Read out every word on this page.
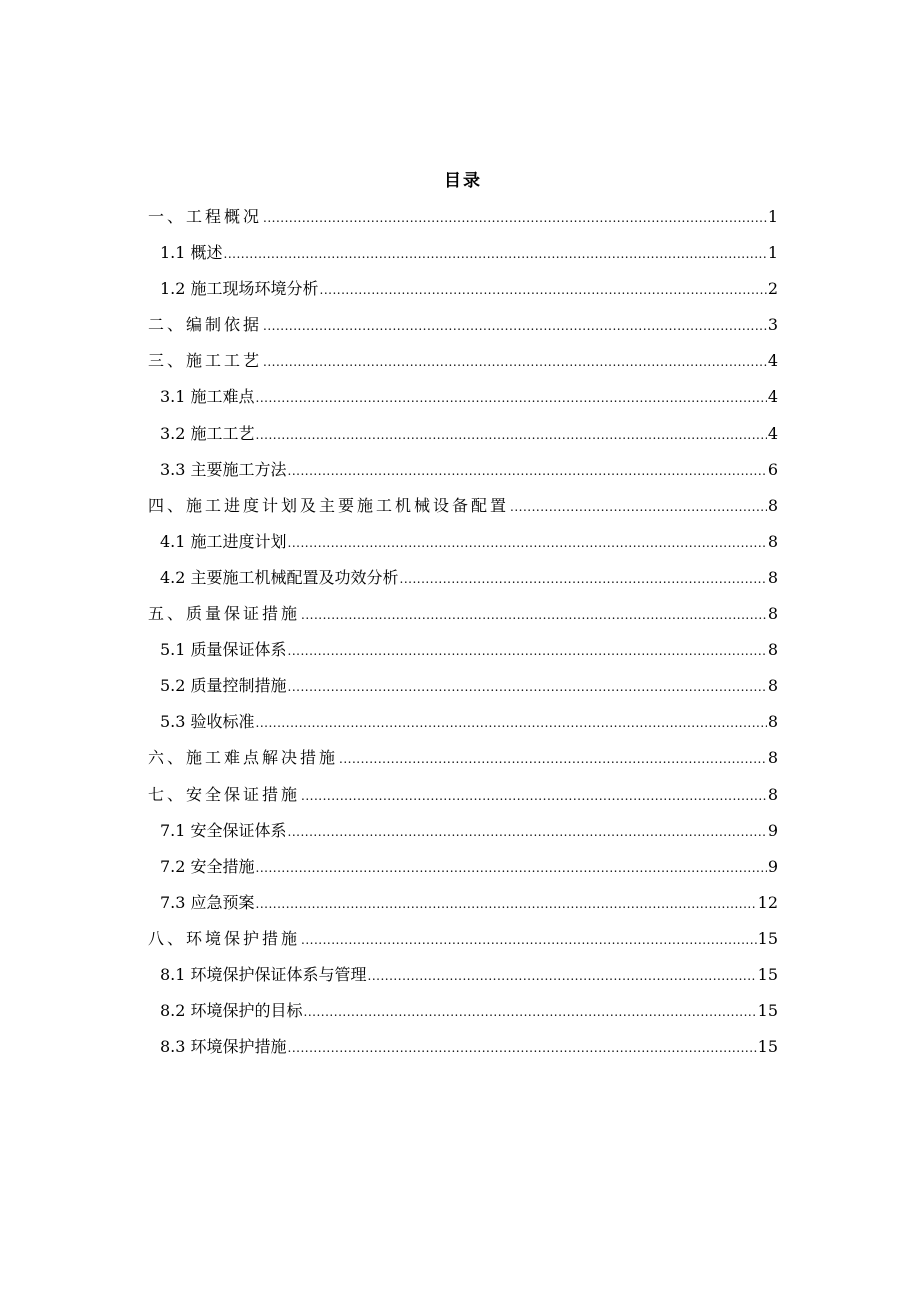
目录
一、工程概况 .....	1
1.1 概述 .....	1
1.2 施工现场环境分析 .....	2
二、编制依据 .....	3
三、施工工艺 .....	4
3.1 施工难点 .....	4
3.2 施工工艺 .....	4
3.3 主要施工方法 .....	6
四、施工进度计划及主要施工机械设备配置 .....	8
4.1 施工进度计划 .....	8
4.2 主要施工机械配置及功效分析 .....	8
五、质量保证措施 .....	8
5.1 质量保证体系 .....	8
5.2 质量控制措施 .....	8
5.3 验收标准 .....	8
六、施工难点解决措施 .....	8
七、安全保证措施 .....	8
7.1 安全保证体系 .....	9
7.2 安全措施 .....	9
7.3 应急预案 .....	12
八、环境保护措施 .....	15
8.1 环境保护保证体系与管理 .....	15
8.2 环境保护的目标 .....	15
8.3 环境保护措施 .....	15
